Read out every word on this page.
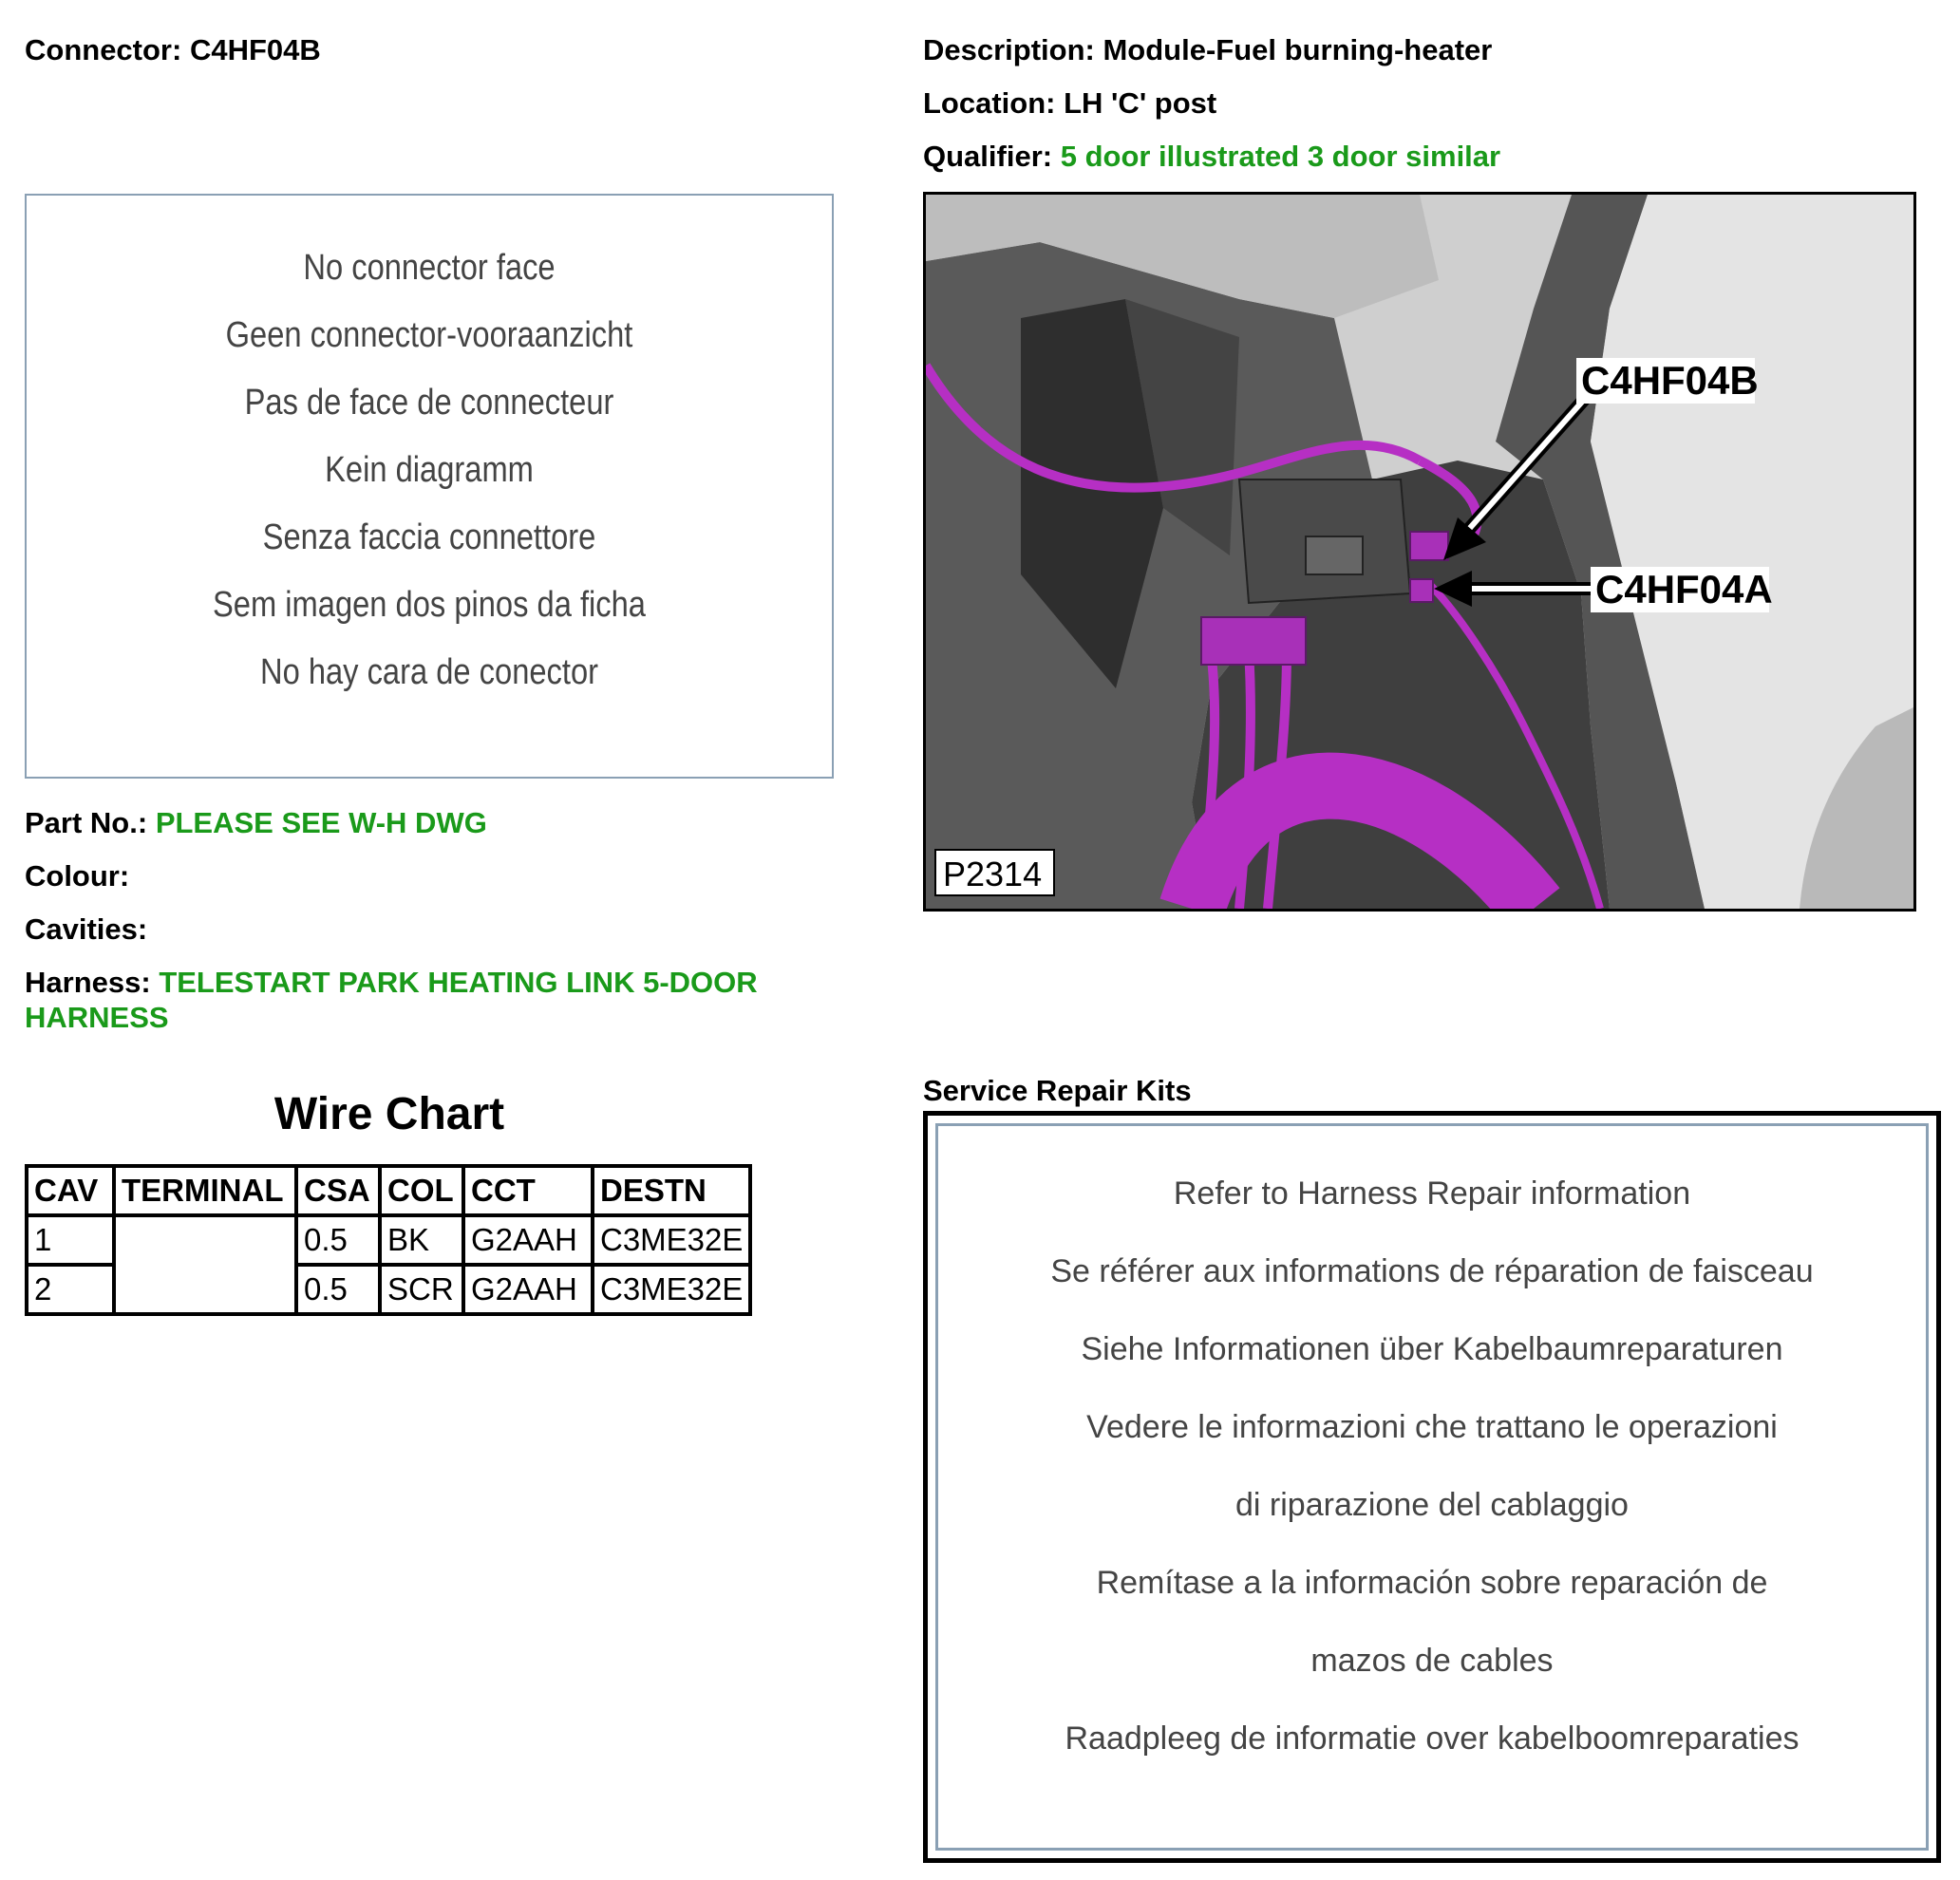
Connector: C4HF04B	Description: Module-Fuel burning-heater
Location: LH 'C' post
Qualifier: 5 door illustrated 3 door similar
No connector face
Geen connector-vooraanzicht
Pas de face de connecteur
Kein diagramm
Senza faccia connettore
Sem imagen dos pinos da ficha
No hay cara de conector
Part No.: PLEASE SEE W-H DWG
Colour:
Cavities:
Harness: TELESTART PARK HEATING LINK 5-DOOR
HARNESS
C4HF04B
C4HF04A
P2314
Wire Chart
CAV	TERMINAL	CSA	COL	CCT	DESTN
1		0.5	BK	G2AAH	C3ME32E
2		0.5	SCR	G2AAH	C3ME32E
Service Repair Kits
Refer to Harness Repair information
Se référer aux informations de réparation de faisceau
Siehe Informationen über Kabelbaumreparaturen
Vedere le informazioni che trattano le operazioni
di riparazione del cablaggio
Remítase a la información sobre reparación de
mazos de cables
Raadpleeg de informatie over kabelboomreparaties
